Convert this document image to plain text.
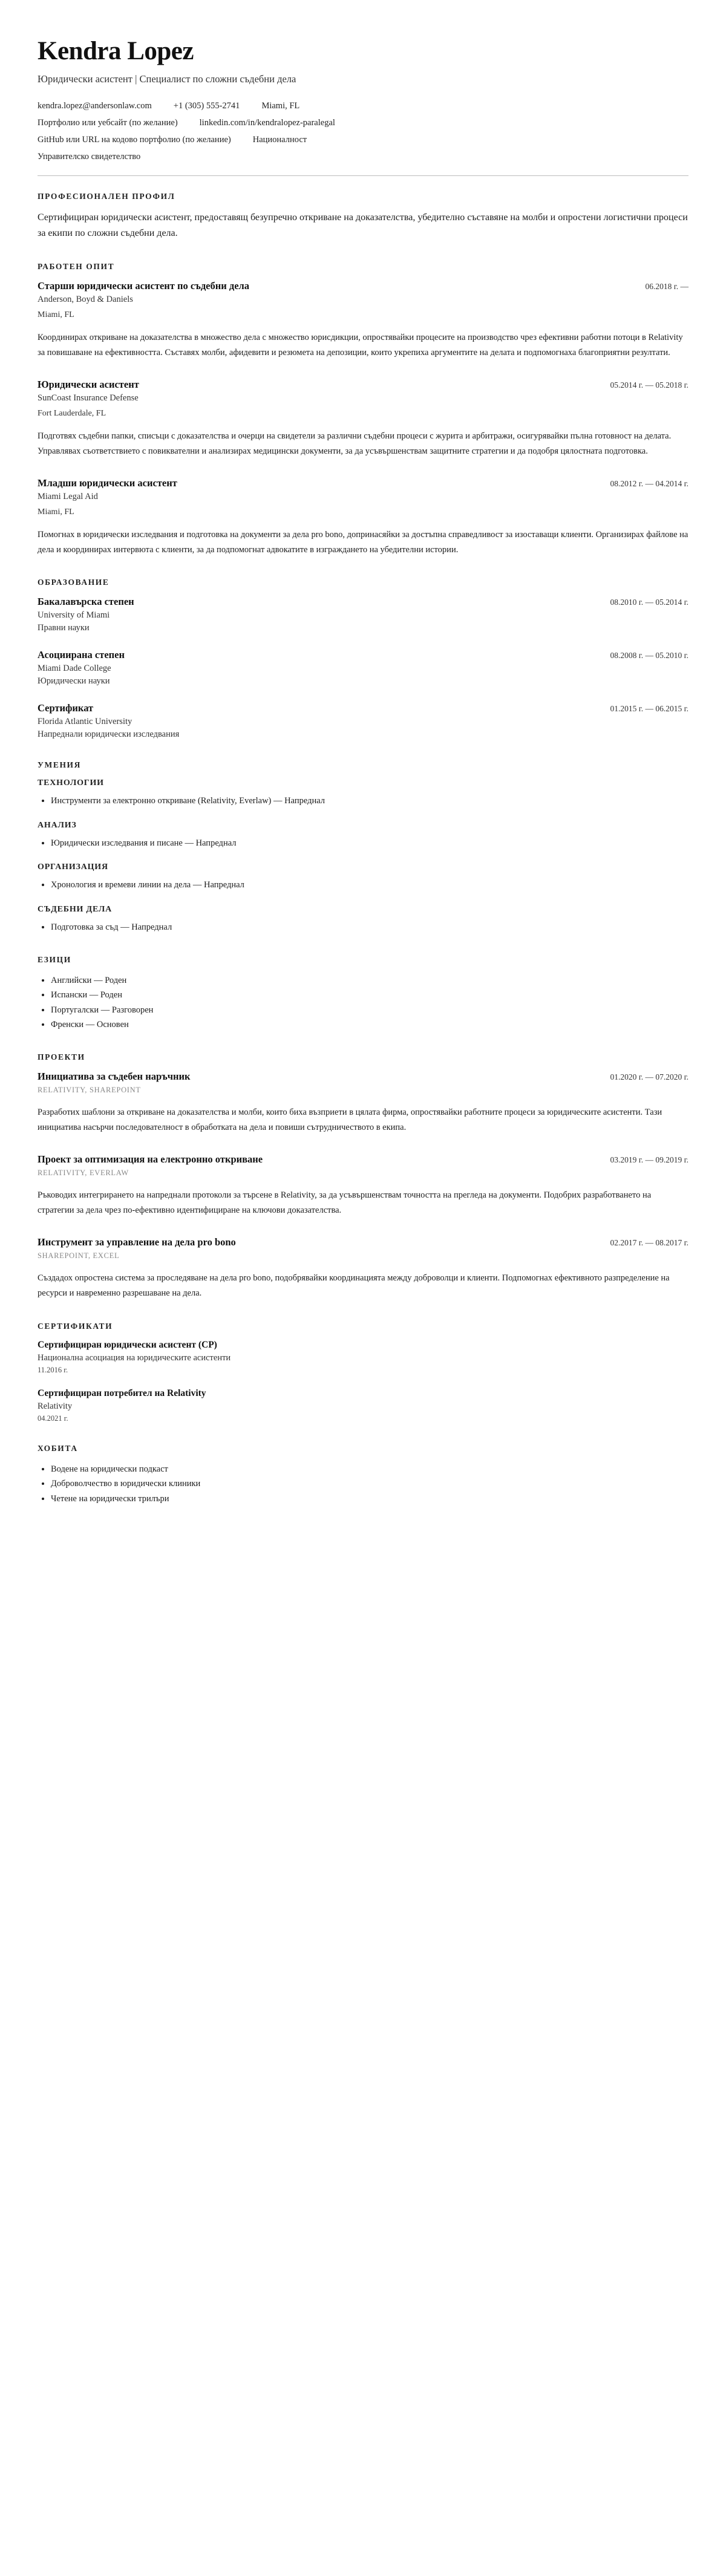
Kendra Lopez
Юридически асистент | Специалист по сложни съдебни дела
kendra.lopez@andersonlaw.com +1 (305) 555-2741 Miami, FL
Портфолио или уебсайт (по желание) linkedin.com/in/kendralopez-paralegal
GitHub или URL на кодово портфолио (по желание) Националност
Управителско свидетелство
ПРОФЕСИОНАЛЕН ПРОФИЛ

Сертифициран юридически асистент, предоставящ безупречно откриване на доказателства, убедително съставяне на молби и опростени логистични процеси за екипи по сложни съдебни дела.

РАБОТЕН ОПИТ
Старши юридически асистент по съдебни дела	06.2018 г. —
Anderson, Boyd & Daniels
Miami, FL
Координирах откриване на доказателства в множество дела с множество юрисдикции, опростявайки процесите на производство чрез ефективни работни потоци в Relativity за повишаване на ефективността. Съставях молби, афидевити и резюмета на депозиции, които укрепиха аргументите на делата и подпомогнаха благоприятни резултати.
Юридически асистент	05.2014 г. — 05.2018 г.
SunCoast Insurance Defense
Fort Lauderdale, FL
Подготвях съдебни папки, списъци с доказателства и очерци на свидетели за различни съдебни процеси с журита и арбитражи, осигурявайки пълна готовност на делата. Управлявах съответствието с повиквателни и анализирах медицински документи, за да усъвършенствам защитните стратегии и да подобря цялостната подготовка.
Младши юридически асистент	08.2012 г. — 04.2014 г.
Miami Legal Aid
Miami, FL
Помогнах в юридически изследвания и подготовка на документи за дела pro bono, допринасяйки за достъпна справедливост за изоставащи клиенти. Организирах файлове на дела и координирах интервюта с клиенти, за да подпомогнат адвокатите в изграждането на убедителни истории.
ОБРАЗОВАНИЕ
Бакалавърска степен	08.2010 г. — 05.2014 г.
University of Miami
Правни науки
Асоциирана степен	08.2008 г. — 05.2010 г.
Miami Dade College
Юридически науки
Сертификат	01.2015 г. — 06.2015 г.
Florida Atlantic University
Напреднали юридически изследвания
УМЕНИЯ
ТЕХНОЛОГИИ
• Инструменти за електронно откриване (Relativity, Everlaw) — Напреднал
АНАЛИЗ
• Юридически изследвания и писане — Напреднал
ОРГАНИЗАЦИЯ
• Хронология и времеви линии на дела — Напреднал
СЪДЕБНИ ДЕЛА
• Подготовка за съд — Напреднал
ЕЗИЦИ
• Английски — Роден
• Испански — Роден
• Португалски — Разговорен
• Френски — Основен
ПРОЕКТИ
Инициатива за съдебен наръчник	01.2020 г. — 07.2020 г.
RELATIVITY, SHAREPOINT
Разработих шаблони за откриване на доказателства и молби, които биха възприети в цялата фирма, опростявайки работните процеси за юридическите асистенти. Тази инициатива насърчи последователност в обработката на дела и повиши сътрудничеството в екипа.
Проект за оптимизация на електронно откриване	03.2019 г. — 09.2019 г.
RELATIVITY, EVERLAW
Ръководих интегрирането на напреднали протоколи за търсене в Relativity, за да усъвършенствам точността на прегледа на документи. Подобрих разработването на стратегии за дела чрез по-ефективно идентифициране на ключови доказателства.
Инструмент за управление на дела pro bono	02.2017 г. — 08.2017 г.
SHAREPOINT, EXCEL
Създадох опростена система за проследяване на дела pro bono, подобрявайки координацията между доброволци и клиенти. Подпомогнах ефективното разпределение на ресурси и навременно разрешаване на дела.
СЕРТИФИКАТИ
Сертифициран юридически асистент (CP)
Национална асоциация на юридическите асистенти
11.2016 г.
Сертифициран потребител на Relativity
Relativity
04.2021 г.
ХОБИТА
• Водене на юридически подкаст
• Доброволчество в юридически клиники
• Четене на юридически трилъри
